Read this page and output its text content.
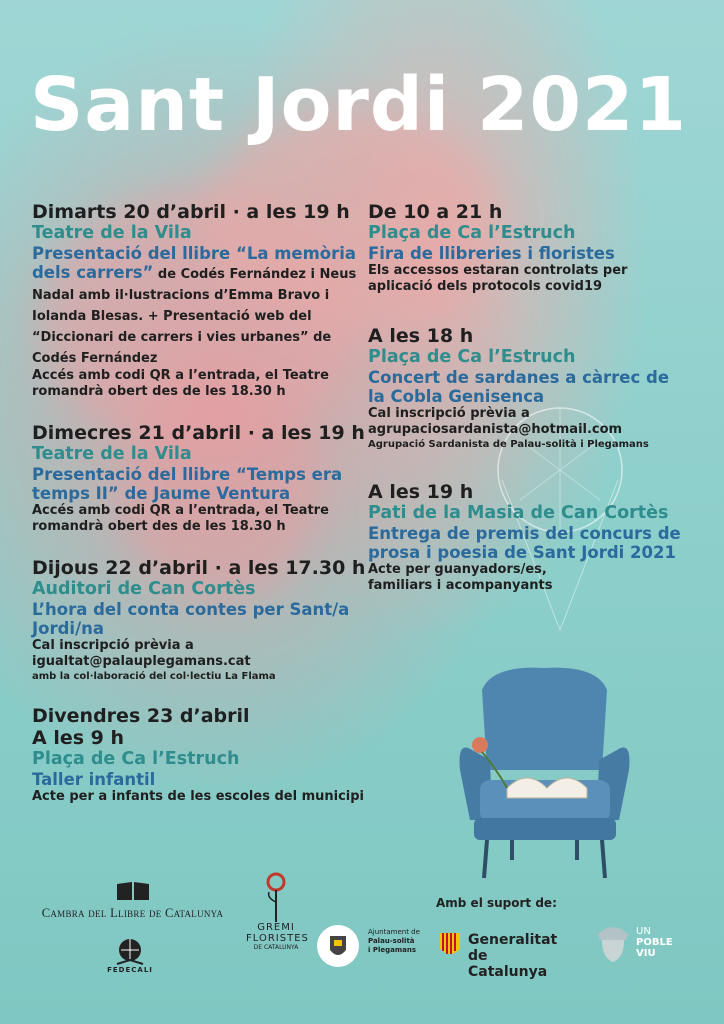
Sant Jordi 2021
Dimarts 20 d’abril · a les 19 h
Teatre de la Vila
Presentació del llibre “La memòria dels carrers” de Codés Fernández i Neus Nadal amb il·lustracions d’Emma Bravo i Iolanda Blesas. + Presentació web del “Diccionari de carrers i vies urbanes” de Codés Fernández
Accés amb codi QR a l’entrada, el Teatre romandrà obert des de les 18.30 h
Dimecres 21 d’abril · a les 19 h
Teatre de la Vila
Presentació del llibre “Temps era temps II” de Jaume Ventura
Accés amb codi QR a l’entrada, el Teatre romandrà obert des de les 18.30 h
Dijous 22 d’abril · a les 17.30 h
Auditori de Can Cortès
L’hora del conta contes per Sant/a Jordi/na
Cal inscripció prèvia a igualtat@palauplegamans.cat
amb la col·laboració del col·lectiu La Flama
Divendres 23 d’abril
A les 9 h
Plaça de Ca l’Estruch
Taller infantil
Acte per a infants de les escoles del municipi
De 10 a 21 h
Plaça de Ca l’Estruch
Fira de llibreries i floristes
Els accessos estaran controlats per aplicació dels protocols covid19
A les 18 h
Plaça de Ca l’Estruch
Concert de sardanes a càrrec de la Cobla Genisenca
Cal inscripció prèvia a agrupaciosardanista@hotmail.com
Agrupació Sardanista de Palau-solità i Plegamans
A les 19 h
Pati de la Masia de Can Cortès
Entrega de premis del concurs de prosa i poesia de Sant Jordi 2021
Acte per guanyadors/es, familiars i acompanyants
Cambra del Llibre de Catalunya
FEDECALI
GREMI
FLORISTES
DE CATALUNYA
Ajuntament de
Palau-solità
i Plegamans
Amb el suport de:
Generalitat
de Catalunya
UN
POBLE
VIU
